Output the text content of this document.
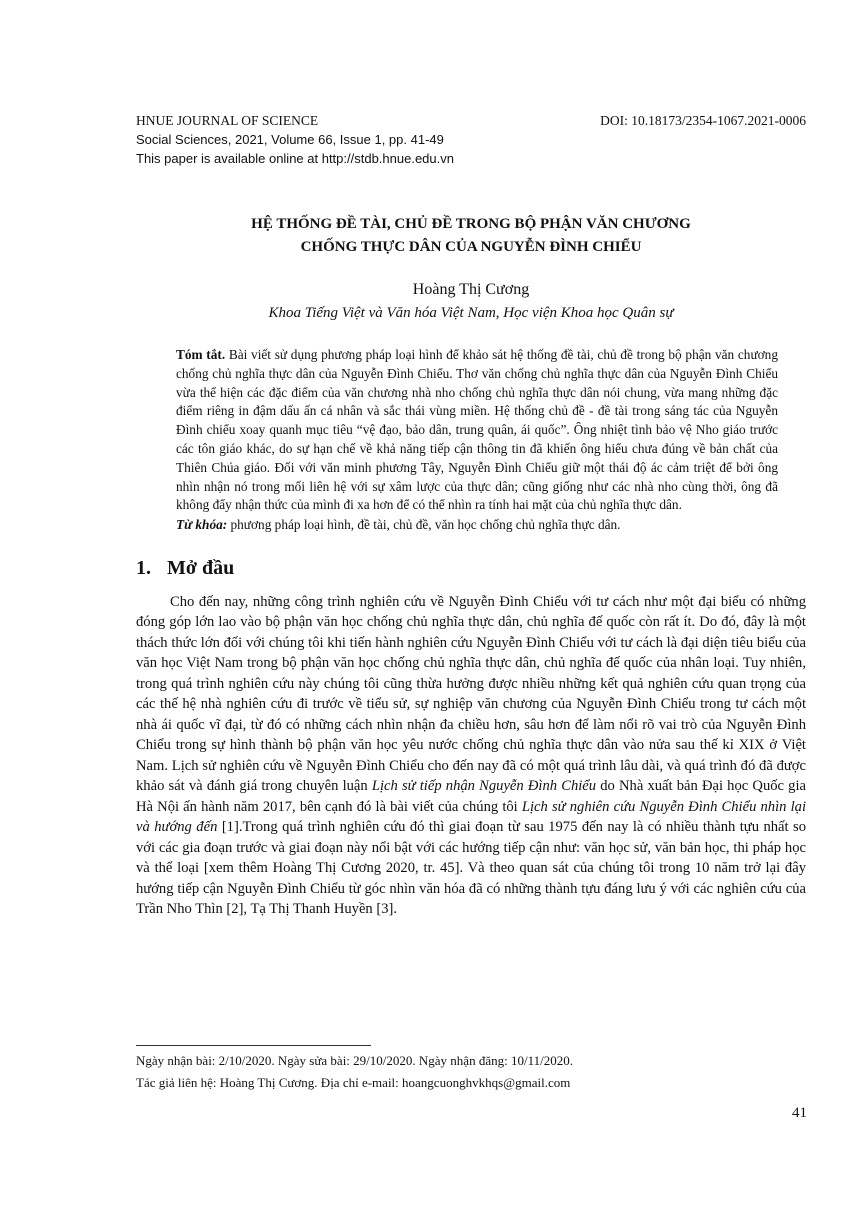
HNUE JOURNAL OF SCIENCE	DOI: 10.18173/2354-1067.2021-0006
Social Sciences, 2021, Volume 66, Issue 1, pp. 41-49
This paper is available online at http://stdb.hnue.edu.vn
HỆ THỐNG ĐỀ TÀI, CHỦ ĐỀ TRONG BỘ PHẬN VĂN CHƯƠNG
CHỐNG THỰC DÂN CỦA NGUYỄN ĐÌNH CHIỂU
Hoàng Thị Cương
Khoa Tiếng Việt và Văn hóa Việt Nam, Học viện Khoa học Quân sự
Tóm tắt. Bài viết sử dụng phương pháp loại hình để khảo sát hệ thống đề tài, chủ đề trong bộ phận văn chương chống chủ nghĩa thực dân của Nguyễn Đình Chiểu. Thơ văn chống chủ nghĩa thực dân của Nguyễn Đình Chiểu vừa thể hiện các đặc điểm của văn chương nhà nho chống chủ nghĩa thực dân nói chung, vừa mang những đặc điểm riêng in đậm dấu ấn cá nhân và sắc thái vùng miền. Hệ thống chủ đề - đề tài trong sáng tác của Nguyễn Đình chiểu xoay quanh mục tiêu “vệ đạo, bảo dân, trung quân, ái quốc”. Ông nhiệt tình bảo vệ Nho giáo trước các tôn giáo khác, do sự hạn chế về khả năng tiếp cận thông tin đã khiến ông hiểu chưa đúng về bản chất của Thiên Chúa giáo. Đối với văn minh phương Tây, Nguyễn Đình Chiểu giữ một thái độ ác cảm triệt để bởi ông nhìn nhận nó trong mối liên hệ với sự xâm lược của thực dân; cũng giống như các nhà nho cùng thời, ông đã không đẩy nhận thức của mình đi xa hơn để có thể nhìn ra tính hai mặt của chủ nghĩa thực dân.
Từ khóa: phương pháp loại hình, đề tài, chủ đề, văn học chống chủ nghĩa thực dân.
1. Mở đầu
Cho đến nay, những công trình nghiên cứu về Nguyễn Đình Chiểu với tư cách như một đại biểu có những đóng góp lớn lao vào bộ phận văn học chống chủ nghĩa thực dân, chủ nghĩa đế quốc còn rất ít. Do đó, đây là một thách thức lớn đối với chúng tôi khi tiến hành nghiên cứu Nguyễn Đình Chiểu với tư cách là đại diện tiêu biểu của văn học Việt Nam trong bộ phận văn học chống chủ nghĩa thực dân, chủ nghĩa đế quốc của nhân loại. Tuy nhiên, trong quá trình nghiên cứu này chúng tôi cũng thừa hưởng được nhiều những kết quả nghiên cứu quan trọng của các thế hệ nhà nghiên cứu đi trước về tiểu sử, sự nghiệp văn chương của Nguyễn Đình Chiểu trong tư cách một nhà ái quốc vĩ đại, từ đó có những cách nhìn nhận đa chiều hơn, sâu hơn để làm nổi rõ vai trò của Nguyễn Đình Chiểu trong sự hình thành bộ phận văn học yêu nước chống chủ nghĩa thực dân vào nửa sau thế kỉ XIX ở Việt Nam. Lịch sử nghiên cứu về Nguyễn Đình Chiểu cho đến nay đã có một quá trình lâu dài, và quá trình đó đã được khảo sát và đánh giá trong chuyên luận Lịch sử tiếp nhận Nguyễn Đình Chiểu do Nhà xuất bản Đại học Quốc gia Hà Nội ấn hành năm 2017, bên cạnh đó là bài viết của chúng tôi Lịch sử nghiên cứu Nguyễn Đình Chiểu nhìn lại và hướng đến [1].Trong quá trình nghiên cứu đó thì giai đoạn từ sau 1975 đến nay là có nhiều thành tựu nhất so với các gia đoạn trước và giai đoạn này nổi bật với các hướng tiếp cận như: văn học sử, văn bản học, thi pháp học và thể loại [xem thêm Hoàng Thị Cương 2020, tr. 45]. Và theo quan sát của chúng tôi trong 10 năm trở lại đây hướng tiếp cận Nguyễn Đình Chiểu từ góc nhìn văn hóa đã có những thành tựu đáng lưu ý với các nghiên cứu của Trần Nho Thìn [2], Tạ Thị Thanh Huyền [3].
Ngày nhận bài: 2/10/2020. Ngày sửa bài: 29/10/2020. Ngày nhận đăng: 10/11/2020.
Tác giả liên hệ: Hoàng Thị Cương. Địa chỉ e-mail: hoangcuonghvkhqs@gmail.com
41
